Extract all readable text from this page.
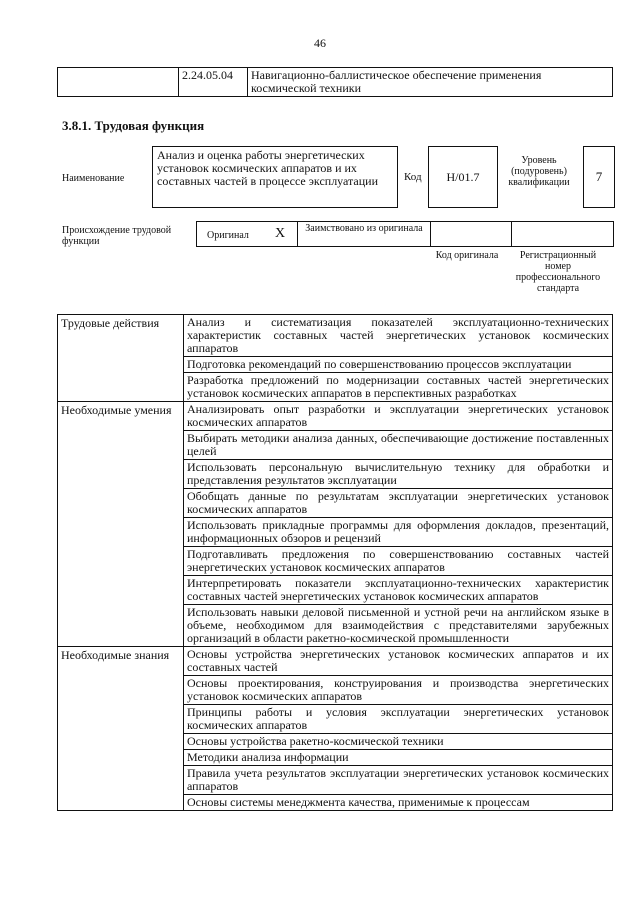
46
	2.24.05.04	Навигационно-баллистическое обеспечение применения космической техники
3.8.1. Трудовая функция
Наименование
Анализ и оценка работы энергетических установок космических аппаратов и их составных частей в процессе эксплуатации	Код H/01.7
Уровень (подуровень) квалификации 7
Происхождение трудовой функции
Оригинал X	Заимствовано из оригинала
Код оригинала	Регистрационный номер профессионального стандарта
Трудовые действия	Анализ и систематизация показателей эксплуатационно-технических характеристик составных частей энергетических установок космических аппаратов
	Подготовка рекомендаций по совершенствованию процессов эксплуатации
	Разработка предложений по модернизации составных частей энергетических установок космических аппаратов в перспективных разработках
Необходимые умения	Анализировать опыт разработки и эксплуатации энергетических установок космических аппаратов
	Выбирать методики анализа данных, обеспечивающие достижение поставленных целей
	Использовать персональную вычислительную технику для обработки и представления результатов эксплуатации
	Обобщать данные по результатам эксплуатации энергетических установок космических аппаратов
	Использовать прикладные программы для оформления докладов, презентаций, информационных обзоров и рецензий
	Подготавливать предложения по совершенствованию составных частей энергетических установок космических аппаратов
	Интерпретировать показатели эксплуатационно-технических характеристик составных частей энергетических установок космических аппаратов
	Использовать навыки деловой письменной и устной речи на английском языке в объеме, необходимом для взаимодействия с представителями зарубежных организаций в области ракетно-космической промышленности
Необходимые знания	Основы устройства энергетических установок космических аппаратов и их составных частей
	Основы проектирования, конструирования и производства энергетических установок космических аппаратов
	Принципы работы и условия эксплуатации энергетических установок космических аппаратов
	Основы устройства ракетно-космической техники
	Методики анализа информации
	Правила учета результатов эксплуатации энергетических установок космических аппаратов
	Основы системы менеджмента качества, применимые к процессам
